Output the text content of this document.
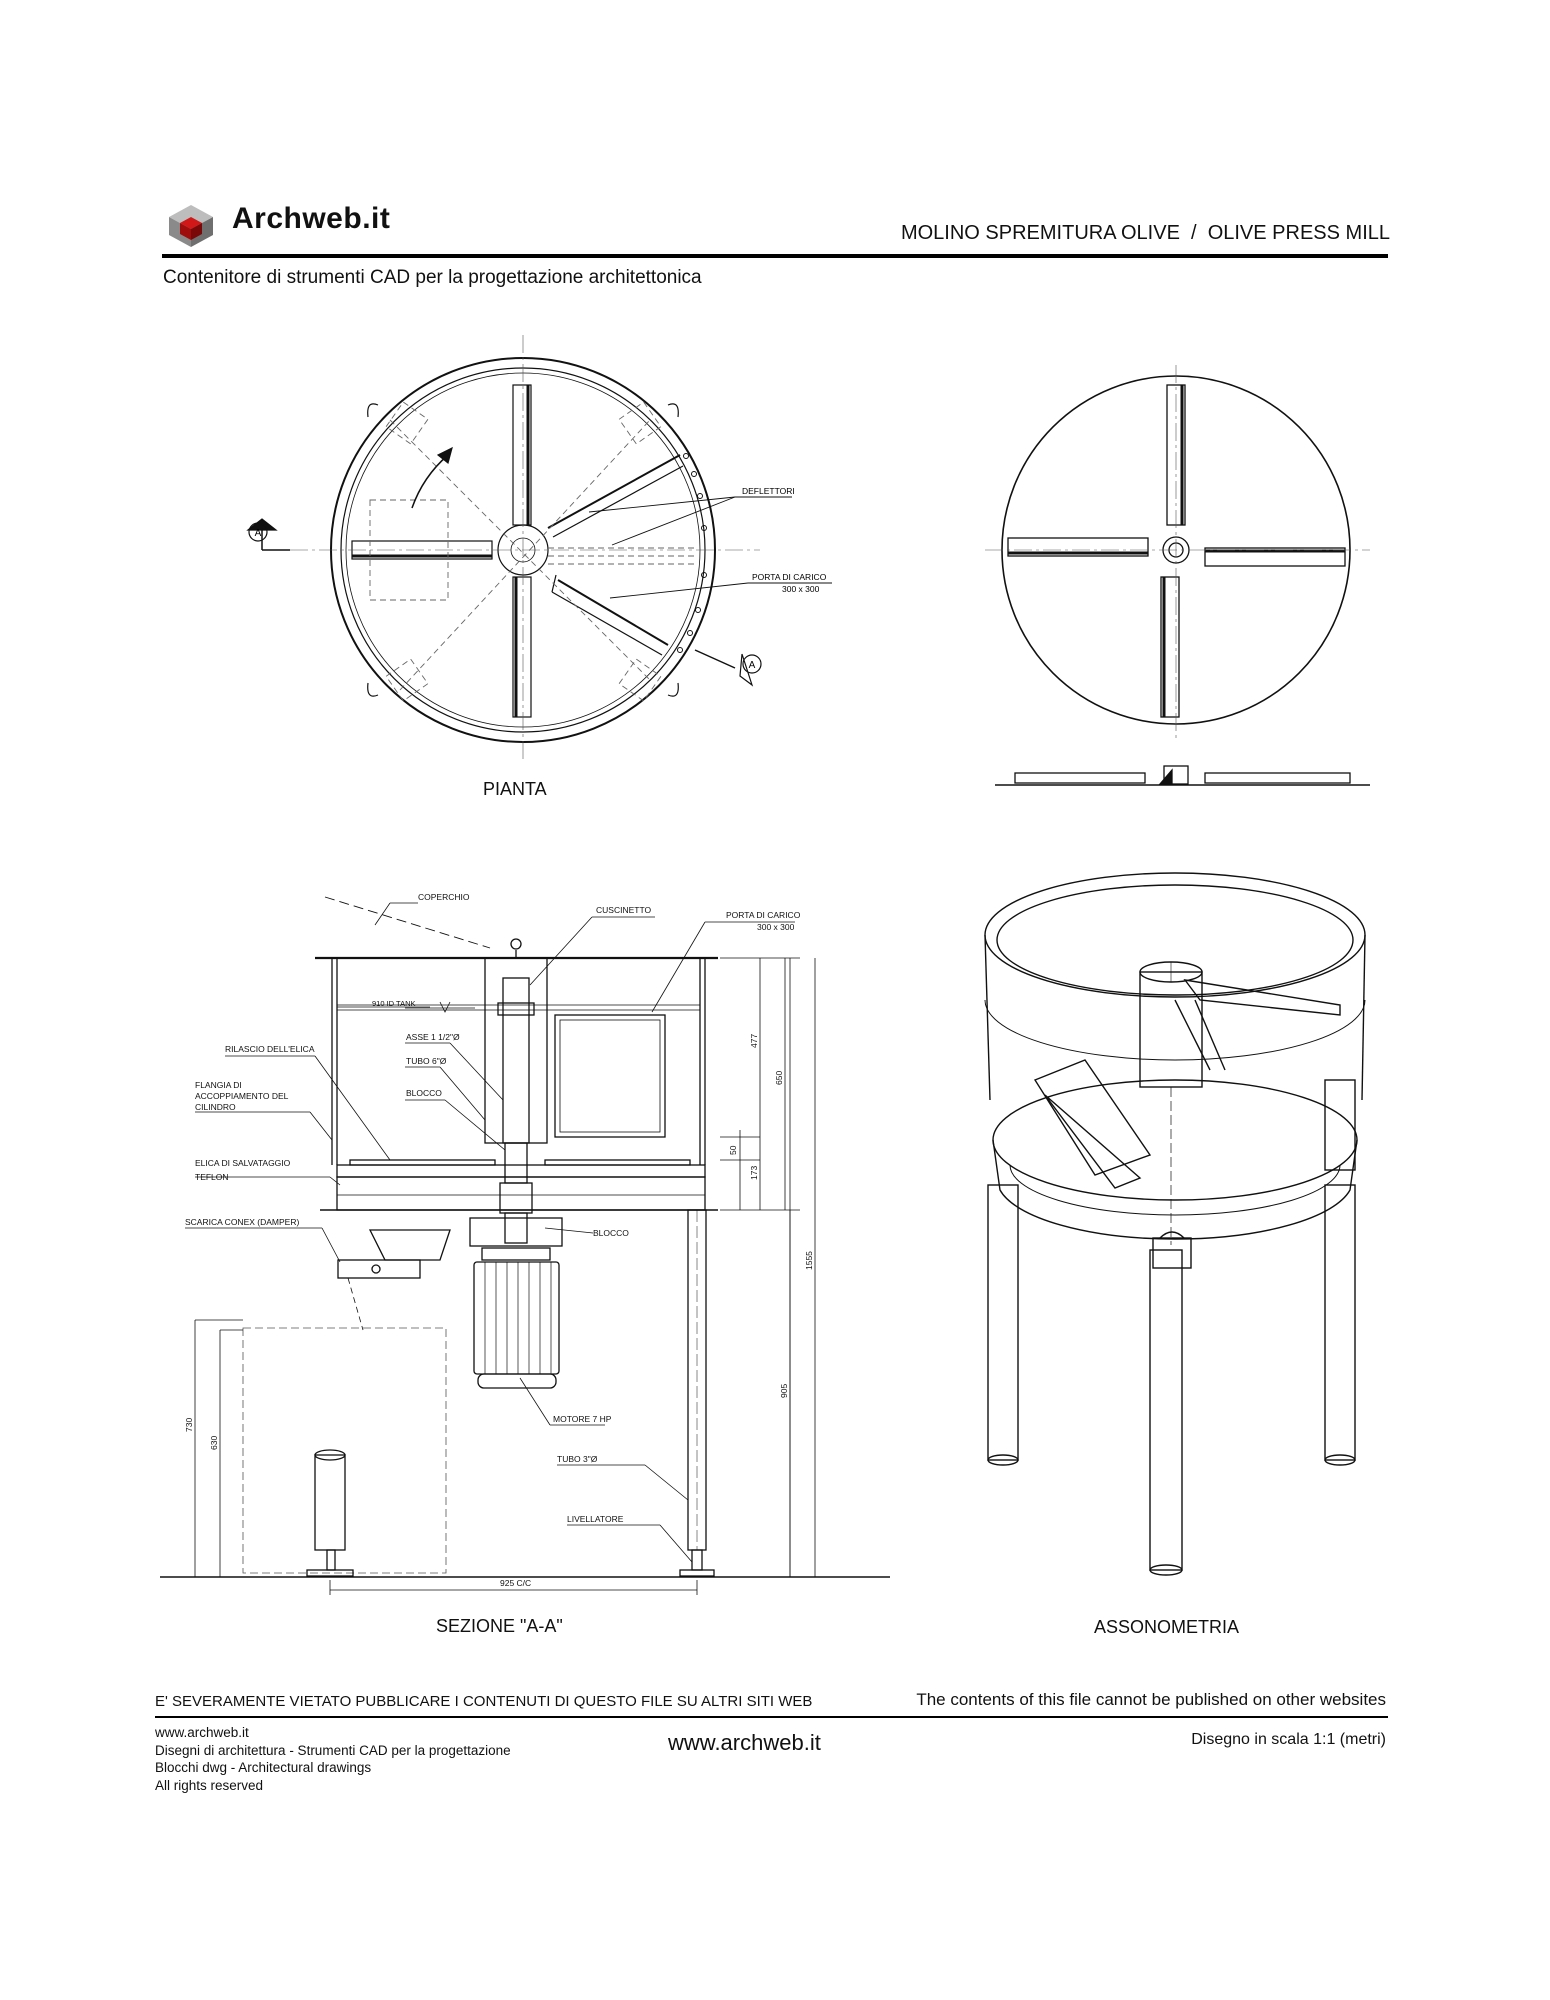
A
A
DEFLETTORI
PORTA DI CARICO
300 x 300
COPERCHIO
CUSCINETTO	PORTA DI CARICO
300 x 300
910 ID TANK
ASSE 1 1/2"Ø
TUBO 6"Ø
BLOCCO
RILASCIO DELL'ELICA
FLANGIA DI
ACCOPPIAMENTO DEL
CILINDRO
ELICA DI SALVATAGGIO
TEFLON
SCARICA CONEX (DAMPER)
BLOCCO
MOTORE 7 HP
TUBO 3"Ø
LIVELLATORE
477
650
50
173
1555
905
730
630
925 C/C
Archweb.it	MOLINO SPREMITURA OLIVE  /  OLIVE PRESS MILL
Contenitore di strumenti CAD per la progettazione architettonica
PIANTA
SEZIONE "A-A"	ASSONOMETRIA
E' SEVERAMENTE VIETATO PUBBLICARE I CONTENUTI DI QUESTO FILE SU ALTRI SITI WEB	The contents of this file cannot be published on other websites
www.archweb.it
Disegni di architettura - Strumenti CAD per la progettazione
Blocchi dwg - Architectural drawings
All rights reserved
www.archweb.it	Disegno in scala 1:1 (metri)
